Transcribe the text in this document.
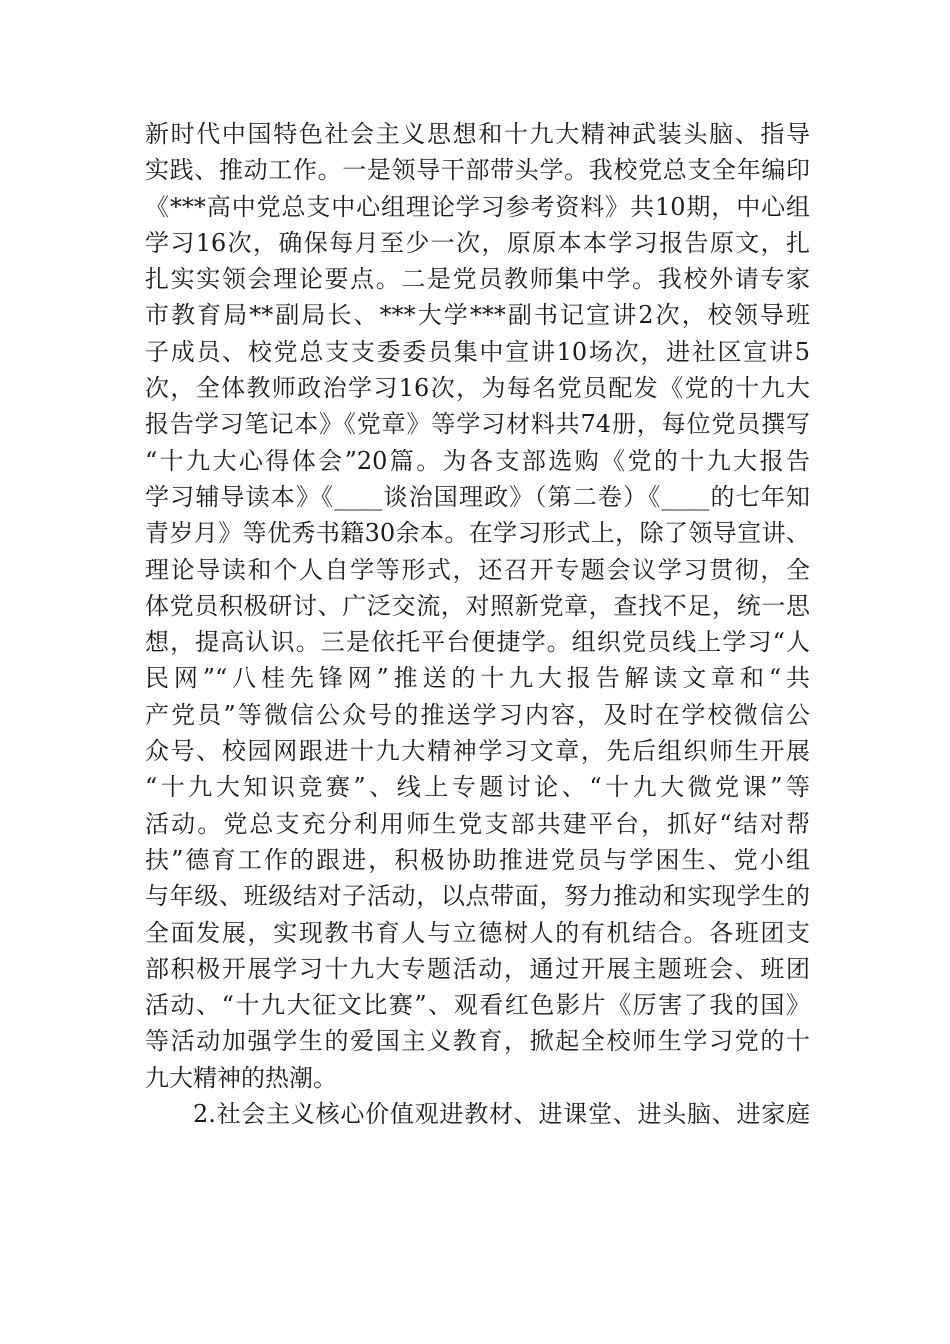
新时代中国特色社会主义思想和十九大精神武装头脑、指导
实践、推动工作。一是领导干部带头学。我校党总支全年编印
《***高中党总支中心组理论学习参考资料》共10期，中心组
学习16次，确保每月至少一次，原原本本学习报告原文，扎
扎实实领会理论要点。二是党员教师集中学。我校外请专家
市教育局**副局长、***大学***副书记宣讲2次，校领导班
子成员、校党总支支委委员集中宣讲10场次，进社区宣讲5
次，全体教师政治学习16次，为每名党员配发《党的十九大
报告学习笔记本》《党章》等学习材料共74册，每位党员撰写
“十九大心得体会”20篇。为各支部选购《党的十九大报告
学习辅导读本》《____谈治国理政》（第二卷）《____的七年知
青岁月》等优秀书籍30余本。在学习形式上，除了领导宣讲、
理论导读和个人自学等形式，还召开专题会议学习贯彻，全
体党员积极研讨、广泛交流，对照新党章，查找不足，统一思
想，提高认识。三是依托平台便捷学。组织党员线上学习“人
民网”“八桂先锋网”推送的十九大报告解读文章和“共
产党员”等微信公众号的推送学习内容，及时在学校微信公
众号、校园网跟进十九大精神学习文章，先后组织师生开展
“十九大知识竞赛”、线上专题讨论、“十九大微党课”等
活动。党总支充分利用师生党支部共建平台，抓好“结对帮
扶”德育工作的跟进，积极协助推进党员与学困生、党小组
与年级、班级结对子活动，以点带面，努力推动和实现学生的
全面发展，实现教书育人与立德树人的有机结合。各班团支
部积极开展学习十九大专题活动，通过开展主题班会、班团
活动、“十九大征文比赛”、观看红色影片《厉害了我的国》
等活动加强学生的爱国主义教育，掀起全校师生学习党的十
九大精神的热潮。
2.社会主义核心价值观进教材、进课堂、进头脑、进家庭
